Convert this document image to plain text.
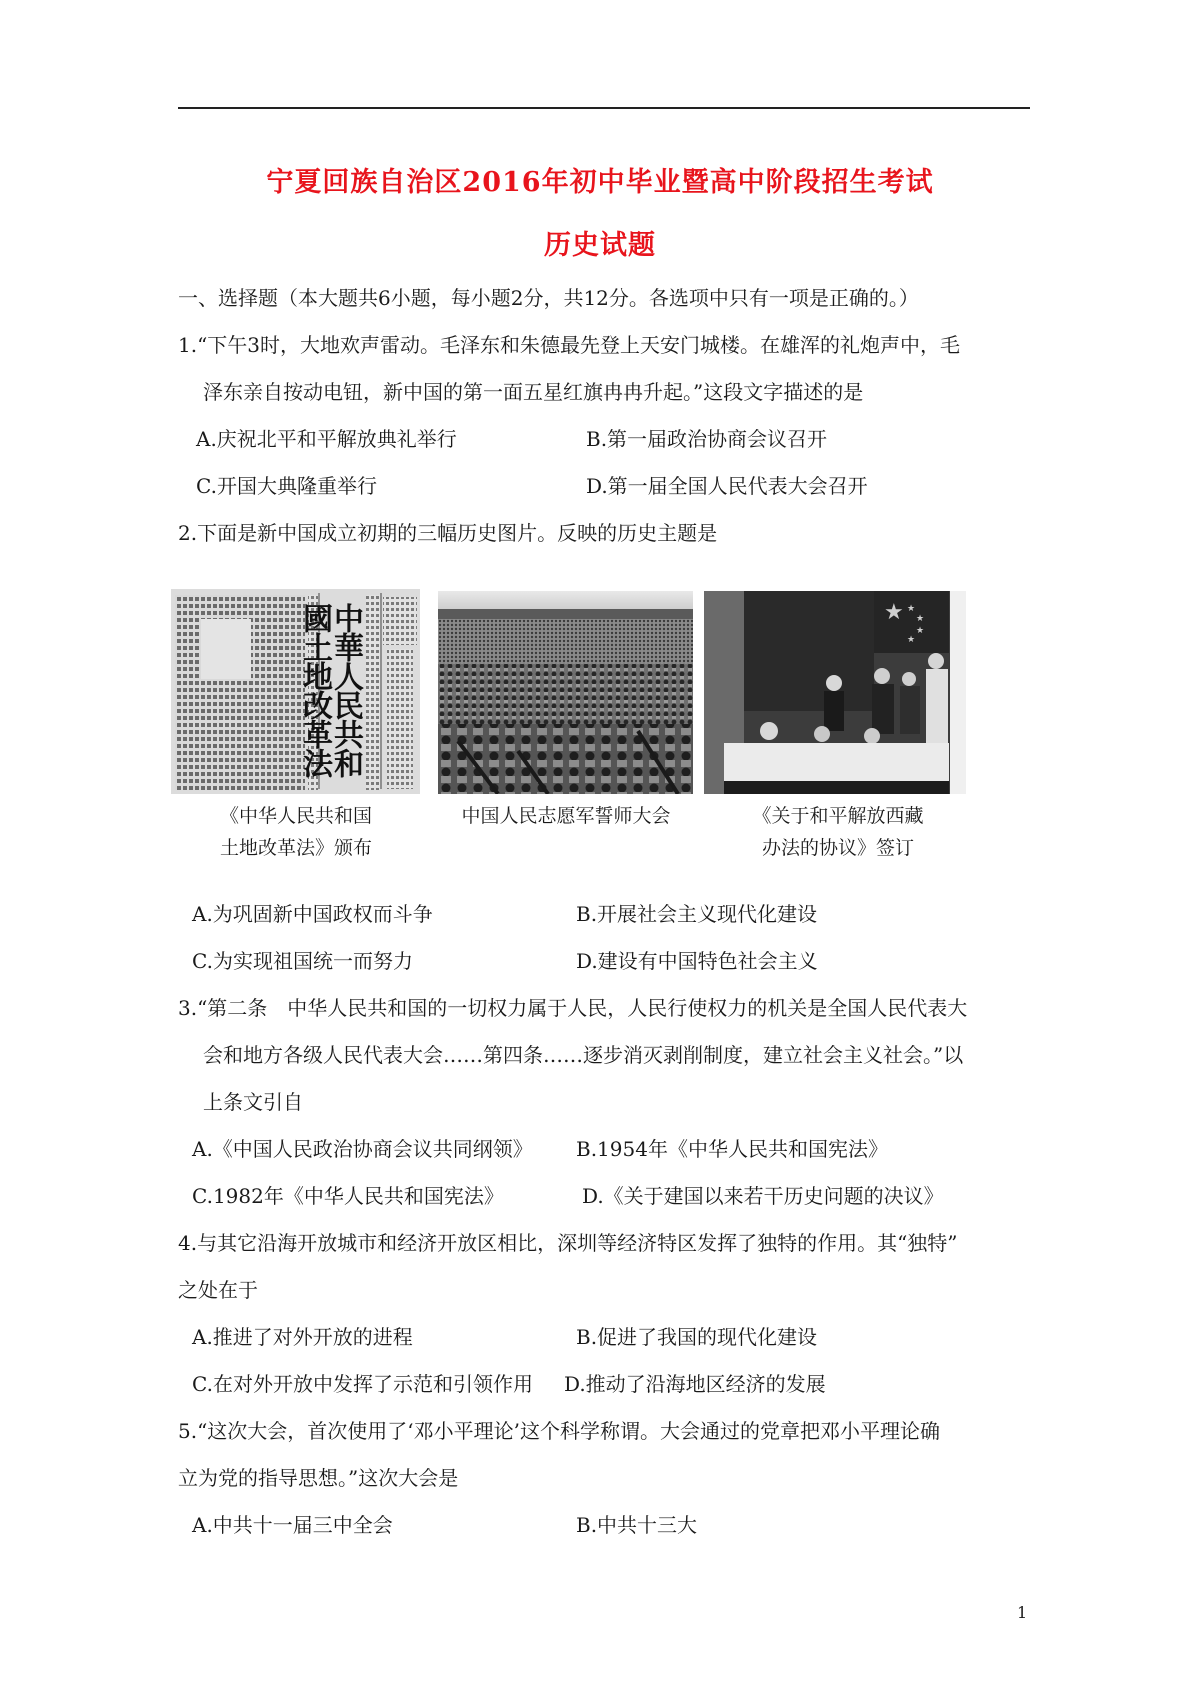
宁夏回族自治区2016年初中毕业暨高中阶段招生考试
历史试题
一、选择题（本大题共6小题，每小题2分，共12分。各选项中只有一项是正确的。）
1.“下午3时，大地欢声雷动。毛泽东和朱德最先登上天安门城楼。在雄浑的礼炮声中，毛
泽东亲自按动电钮，新中国的第一面五星红旗冉冉升起。”这段文字描述的是
A.庆祝北平和平解放典礼举行	B.第一届政治协商会议召开
C.开国大典隆重举行	D.第一届全国人民代表大会召开
2.下面是新中国成立初期的三幅历史图片。反映的历史主题是
中華人民共和國土地改革法	★ ★
★
★
★
《中华人民共和国
土地改革法》颁布
中国人民志愿军誓师大会	《关于和平解放西藏
办法的协议》签订
A.为巩固新中国政权而斗争	B.开展社会主义现代化建设
C.为实现祖国统一而努力	D.建设有中国特色社会主义
3.“第二条　中华人民共和国的一切权力属于人民，人民行使权力的机关是全国人民代表大
会和地方各级人民代表大会……第四条……逐步消灭剥削制度，建立社会主义社会。”以
上条文引自
A.《中国人民政治协商会议共同纲领》 B.1954年《中华人民共和国宪法》
C.1982年《中华人民共和国宪法》	D.《关于建国以来若干历史问题的决议》
4.与其它沿海开放城市和经济开放区相比，深圳等经济特区发挥了独特的作用。其“独特”
之处在于
A.推进了对外开放的进程	B.促进了我国的现代化建设
C.在对外开放中发挥了示范和引领作用 D.推动了沿海地区经济的发展
5.“这次大会，首次使用了‘邓小平理论’这个科学称谓。大会通过的党章把邓小平理论确
立为党的指导思想。”这次大会是
A.中共十一届三中全会	B.中共十三大
1
